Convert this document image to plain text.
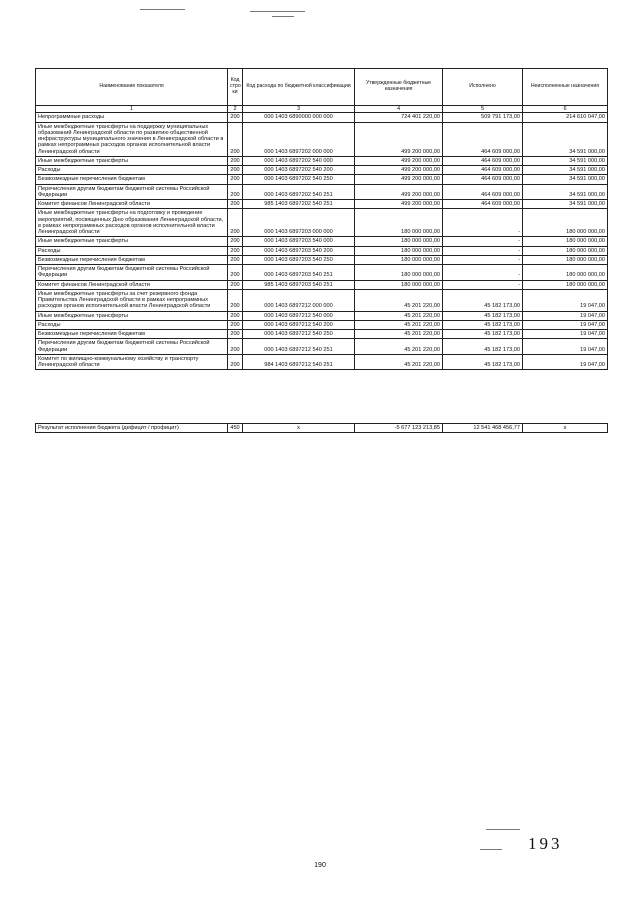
Наименование показателя	Код стро ки	Код расхода по бюджетной классификации	Утвержденные бюджетные назначения	Исполнено	Неисполненные назначения
1	2	3	4	5	6
Непрограммные расходы	200	000 1403 6890000 000 000	724 401 220,00	509 791 173,00	214 610 047,00
Иные межбюджетные трансферты на поддержку муниципальных образований Ленинградской области по развитию общественной инфраструктуры муниципального значения в Ленинградской области в рамках непрограммных расходов органов исполнительной власти Ленинградской области	200	000 1403 6897202 000 000	499 200 000,00	464 609 000,00	34 591 000,00
Иные межбюджетные трансферты	200	000 1403 6897202 540 000	499 200 000,00	464 609 000,00	34 591 000,00
Расходы	200	000 1403 6897202 540 200	499 200 000,00	464 609 000,00	34 591 000,00
Безвозмездные перечисления бюджетам	200	000 1403 6897202 540 250	499 200 000,00	464 609 000,00	34 591 000,00
Перечисления другим бюджетам бюджетной системы Российской Федерации	200	000 1403 6897202 540 251	499 200 000,00	464 609 000,00	34 591 000,00
Комитет финансов Ленинградской области	200	985 1403 6897202 540 251	499 200 000,00	464 609 000,00	34 591 000,00
Иные межбюджетные трансферты на подготовку и проведение мероприятий, посвященных Дню образования Ленинградской области, в рамках непрограммных расходов органов исполнительной власти Ленинградской области	200	000 1403 6897203 000 000	180 000 000,00	-	180 000 000,00
Иные межбюджетные трансферты	200	000 1403 6897203 540 000	180 000 000,00	-	180 000 000,00
Расходы	200	000 1403 6897203 540 200	180 000 000,00	-	180 000 000,00
Безвозмездные перечисления бюджетам	200	000 1403 6897203 540 250	180 000 000,00	-	180 000 000,00
Перечисления другим бюджетам бюджетной системы Российской Федерации	200	000 1403 6897203 540 251	180 000 000,00	-	180 000 000,00
Комитет финансов Ленинградской области	200	985 1403 6897203 540 251	180 000 000,00	-	180 000 000,00
Иные межбюджетные трансферты за счет резервного фонда Правительства Ленинградской области в рамках непрограммных расходов органов исполнительной власти Ленинградской области	200	000 1403 6897212 000 000	45 201 220,00	45 182 173,00	19 047,00
Иные межбюджетные трансферты	200	000 1403 6897212 540 000	45 201 220,00	45 182 173,00	19 047,00
Расходы	200	000 1403 6897212 540 200	45 201 220,00	45 182 173,00	19 047,00
Безвозмездные перечисления бюджетам	200	000 1403 6897212 540 250	45 201 220,00	45 182 173,00	19 047,00
Перечисления другим бюджетам бюджетной системы Российской Федерации	200	000 1403 6897212 540 251	45 201 220,00	45 182 173,00	19 047,00
Комитет по жилищно-коммунальному хозяйству и транспорту Ленинградской области	200	984 1403 6897212 540 251	45 201 220,00	45 182 173,00	19 047,00
Результат исполнения бюджета (дефицит / профицит)	450	х	-5 677 123 213,85	12 541 468 456,77	х
190
193
